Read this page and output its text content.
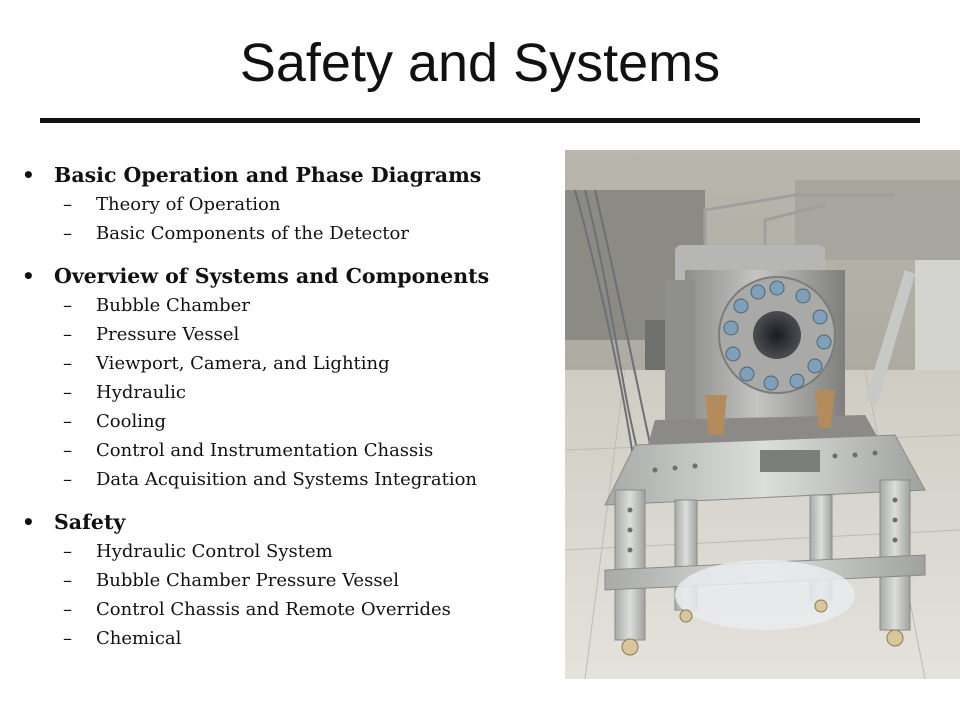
Safety and Systems
• Basic Operation and Phase Diagrams
–	Theory of Operation
–	Basic Components of the Detector
• Overview of Systems and Components
–	Bubble Chamber
–	Pressure Vessel
–	Viewport, Camera, and Lighting
–	Hydraulic
–	Cooling
–	Control and Instrumentation Chassis
–	Data Acquisition and Systems Integration
• Safety
–	Hydraulic Control System
–	Bubble Chamber Pressure Vessel
–	Control Chassis and Remote Overrides
–	Chemical
